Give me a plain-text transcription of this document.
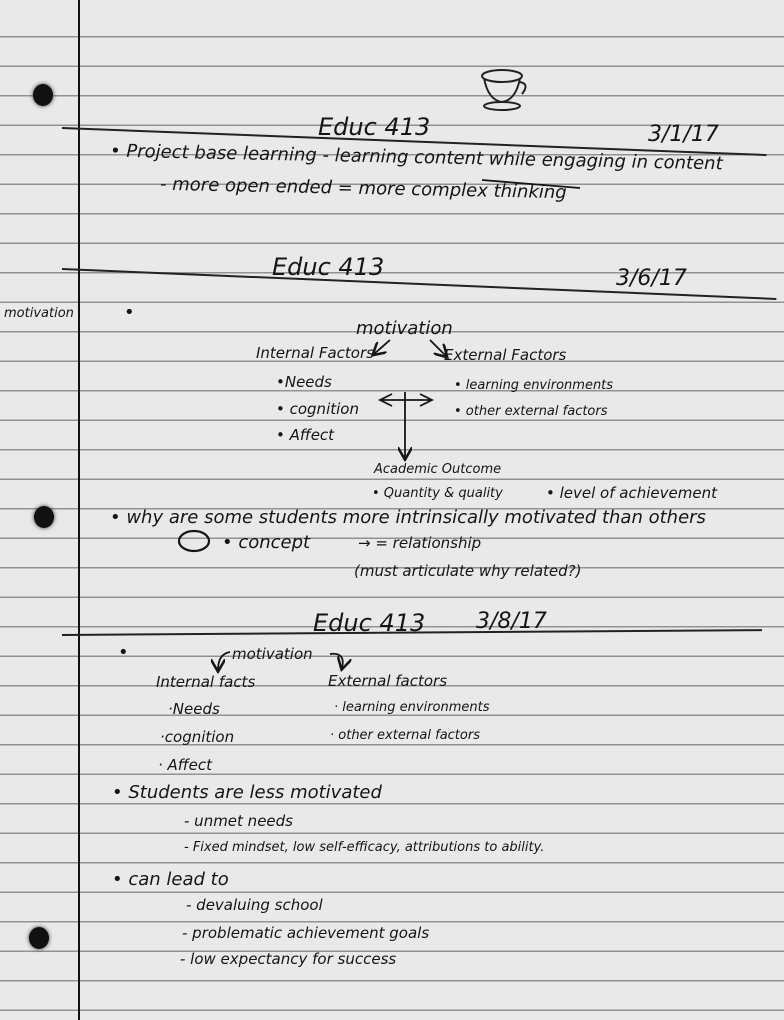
motivation
Educ 413	3/1/17
• Project base learning - learning content while engaging in content
- more open ended = more complex thinking
Educ 413	3/6/17
•
motivation
Internal Factors	External Factors
•Needs
• cognition
• Affect
• learning environments
• other external factors
Academic Outcome
• Quantity & quality	• level of achievement
• why are some students more intrinsically motivated than others
• concept	→ = relationship
(must articulate why related?)
Educ 413 3/8/17
•	motivation
Internal facts	External factors
·Needs
·cognition
· Affect
· learning environments
· other external factors
• Students are less motivated
- unmet needs
- Fixed mindset, low self-efficacy, attributions to ability.
• can lead to
- devaluing school
- problematic achievement goals
- low expectancy for success
